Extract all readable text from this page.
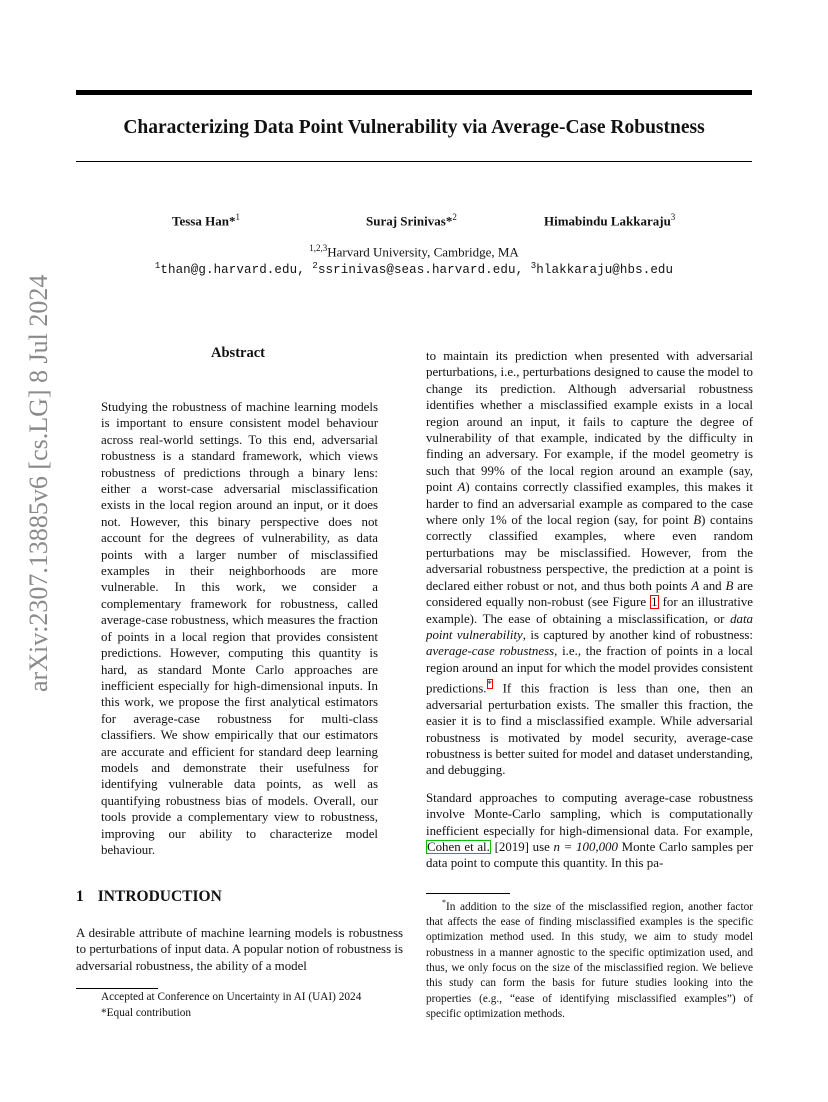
Characterizing Data Point Vulnerability via Average-Case Robustness
Tessa Han*$^1$	Suraj Srinivas*$^2$	Himabindu Lakkaraju$^3$
$^{1,2,3}$Harvard University, Cambridge, MA
$^1$than@g.harvard.edu, $^2$ssrinivas@seas.harvard.edu, $^3$hlakkaraju@hbs.edu
arXiv:2307.13885v6 [cs.LG] 8 Jul 2024	Abstract

Studying the robustness of machine learning models is important to ensure consistent model behaviour across real-world settings. To this end, adversarial robustness is a standard framework, which views robustness of predictions through a binary lens: either a worst-case adversarial misclassification exists in the local region around an input, or it does not. However, this binary perspective does not account for the degrees of vulnerability, as data points with a larger number of misclassified examples in their neighborhoods are more vulnerable. In this work, we consider a complementary framework for robustness, called average-case robustness, which measures the fraction of points in a local region that provides consistent predictions. However, computing this quantity is hard, as standard Monte Carlo approaches are inefficient especially for high-dimensional inputs. In this work, we propose the first analytical estimators for average-case robustness for multi-class classifiers. We show empirically that our estimators are accurate and efficient for standard deep learning models and demonstrate their usefulness for identifying vulnerable data points, as well as quantifying robustness bias of models. Overall, our tools provide a complementary view to robustness, improving our ability to characterize model behaviour.

1 INTRODUCTION

A desirable attribute of machine learning models is robustness to perturbations of input data. A popular notion of robustness is adversarial robustness, the ability of a model

Accepted at Conference on Uncertainty in AI (UAI) 2024
*Equal contribution

to maintain its prediction when presented with adversarial perturbations, i.e., perturbations designed to cause the model to change its prediction. Although adversarial robustness identifies whether a misclassified example exists in a local region around an input, it fails to capture the degree of vulnerability of that example, indicated by the difficulty in finding an adversary. For example, if the model geometry is such that 99% of the local region around an example (say, point A) contains correctly classified examples, this makes it harder to find an adversarial example as compared to the case where only 1% of the local region (say, for point B) contains correctly classified examples, where even random perturbations may be misclassified. However, from the adversarial robustness perspective, the prediction at a point is declared either robust or not, and thus both points A and B are considered equally non-robust (see Figure 1 for an illustrative example). The ease of obtaining a misclassification, or data point vulnerability, is captured by another kind of robustness: average-case robustness, i.e., the fraction of points in a local region around an input for which the model provides consistent predictions.* If this fraction is less than one, then an adversarial perturbation exists. The smaller this fraction, the easier it is to find a misclassified example. While adversarial robustness is motivated by model security, average-case robustness is better suited for model and dataset understanding, and debugging.

Standard approaches to computing average-case robustness involve Monte-Carlo sampling, which is computationally inefficient especially for high-dimensional data. For example, Cohen et al. [2019] use n = 100,000 Monte Carlo samples per data point to compute this quantity. In this pa-

*In addition to the size of the misclassified region, another factor that affects the ease of finding misclassified examples is the specific optimization method used. In this study, we aim to study model robustness in a manner agnostic to the specific optimization used, and thus, we only focus on the size of the misclassified region. We believe this study can form the basis for future studies looking into the properties (e.g., “ease of identifying misclassified examples”) of specific optimization methods.
